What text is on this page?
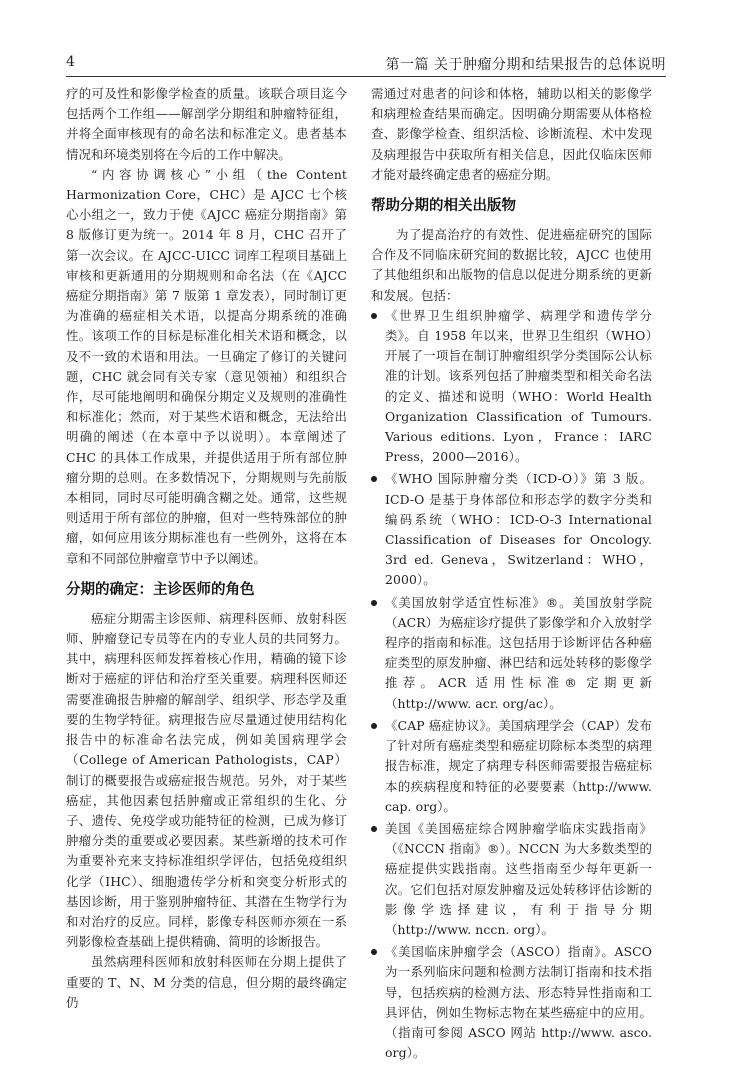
4	第一篇 关于肿瘤分期和结果报告的总体说明

疗的可及性和影像学检查的质量。该联合项目迄今包括两个工作组——解剖学分期组和肿瘤特征组，并将全面审核现有的命名法和标准定义。患者基本情况和环境类别将在今后的工作中解决。

“内容协调核心”小组（the Content Harmonization Core，CHC）是 AJCC 七个核心小组之一，致力于使《AJCC 癌症分期指南》第 8 版修订更为统一。2014 年 8 月，CHC 召开了第一次会议。在 AJCC-UICC 词库工程项目基础上审核和更新通用的分期规则和命名法（在《AJCC 癌症分期指南》第 7 版第 1 章发表），同时制订更为准确的癌症相关术语，以提高分期系统的准确性。该项工作的目标是标准化相关术语和概念，以及不一致的术语和用法。一旦确定了修订的关键问题，CHC 就会同有关专家（意见领袖）和组织合作，尽可能地阐明和确保分期定义及规则的准确性和标准化；然而，对于某些术语和概念，无法给出明确的阐述（在本章中予以说明）。本章阐述了 CHC 的具体工作成果，并提供适用于所有部位肿瘤分期的总则。在多数情况下，分期规则与先前版本相同，同时尽可能明确含糊之处。通常，这些规则适用于所有部位的肿瘤，但对一些特殊部位的肿瘤，如何应用该分期标准也有一些例外，这将在本章和不同部位肿瘤章节中予以阐述。

分期的确定：主诊医师的角色

癌症分期需主诊医师、病理科医师、放射科医师、肿瘤登记专员等在内的专业人员的共同努力。其中，病理科医师发挥着核心作用，精确的镜下诊断对于癌症的评估和治疗至关重要。病理科医师还需要准确报告肿瘤的解剖学、组织学、形态学及重要的生物学特征。病理报告应尽量通过使用结构化报告中的标准命名法完成，例如美国病理学会（College of American Pathologists，CAP）制订的概要报告或癌症报告规范。另外，对于某些癌症，其他因素包括肿瘤或正常组织的生化、分子、遗传、免疫学或功能特征的检测，已成为修订肿瘤分类的重要或必要因素。某些新增的技术可作为重要补充来支持标准组织学评估，包括免疫组织化学（IHC）、细胞遗传学分析和突变分析形式的基因诊断，用于鉴别肿瘤特征、其潜在生物学行为和对治疗的反应。同样，影像专科医师亦须在一系列影像检查基础上提供精确、简明的诊断报告。

虽然病理科医师和放射科医师在分期上提供了重要的 T、N、M 分类的信息，但分期的最终确定仍

需通过对患者的问诊和体格，辅助以相关的影像学和病理检查结果而确定。因明确分期需要从体格检查、影像学检查、组织活检、诊断流程、术中发现及病理报告中获取所有相关信息，因此仅临床医师才能对最终确定患者的癌症分期。

帮助分期的相关出版物

为了提高治疗的有效性、促进癌症研究的国际合作及不同临床研究间的数据比较，AJCC 也使用了其他组织和出版物的信息以促进分期系统的更新和发展。包括：

《世界卫生组织肿瘤学、病理学和遗传学分类》。自 1958 年以来，世界卫生组织（WHO）开展了一项旨在制订肿瘤组织学分类国际公认标准的计划。该系列包括了肿瘤类型和相关命名法的定义、描述和说明（WHO：World Health Organization Classification of Tumours. Various editions. Lyon，France：IARC Press，2000—2016）。

《WHO 国际肿瘤分类（ICD-O）》第 3 版。ICD-O 是基于身体部位和形态学的数字分类和编码系统（WHO：ICD-O-3 International Classification of Diseases for Oncology. 3rd ed. Geneva，Switzerland：WHO，2000）。

《美国放射学适宜性标准》®。美国放射学院（ACR）为癌症诊疗提供了影像学和介入放射学程序的指南和标准。这包括用于诊断评估各种癌症类型的原发肿瘤、淋巴结和远处转移的影像学推荐。ACR 适用性标准® 定期更新（http://www. acr. org/ac）。

《CAP 癌症协议》。美国病理学会（CAP）发布了针对所有癌症类型和癌症切除标本类型的病理报告标准，规定了病理专科医师需要报告癌症标本的疾病程度和特征的必要要素（http://www. cap. org）。

美国《美国癌症综合网肿瘤学临床实践指南》（《NCCN 指南》®）。NCCN 为大多数类型的癌症提供实践指南。这些指南至少每年更新一次。它们包括对原发肿瘤及远处转移评估诊断的影像学选择建议，有利于指导分期（http://www. nccn. org）。

《美国临床肿瘤学会（ASCO）指南》。ASCO 为一系列临床问题和检测方法制订指南和技术指导，包括疾病的检测方法、形态特异性指南和工具评估，例如生物标志物在某些癌症中的应用。（指南可参阅 ASCO 网站 http://www. asco. org）。
